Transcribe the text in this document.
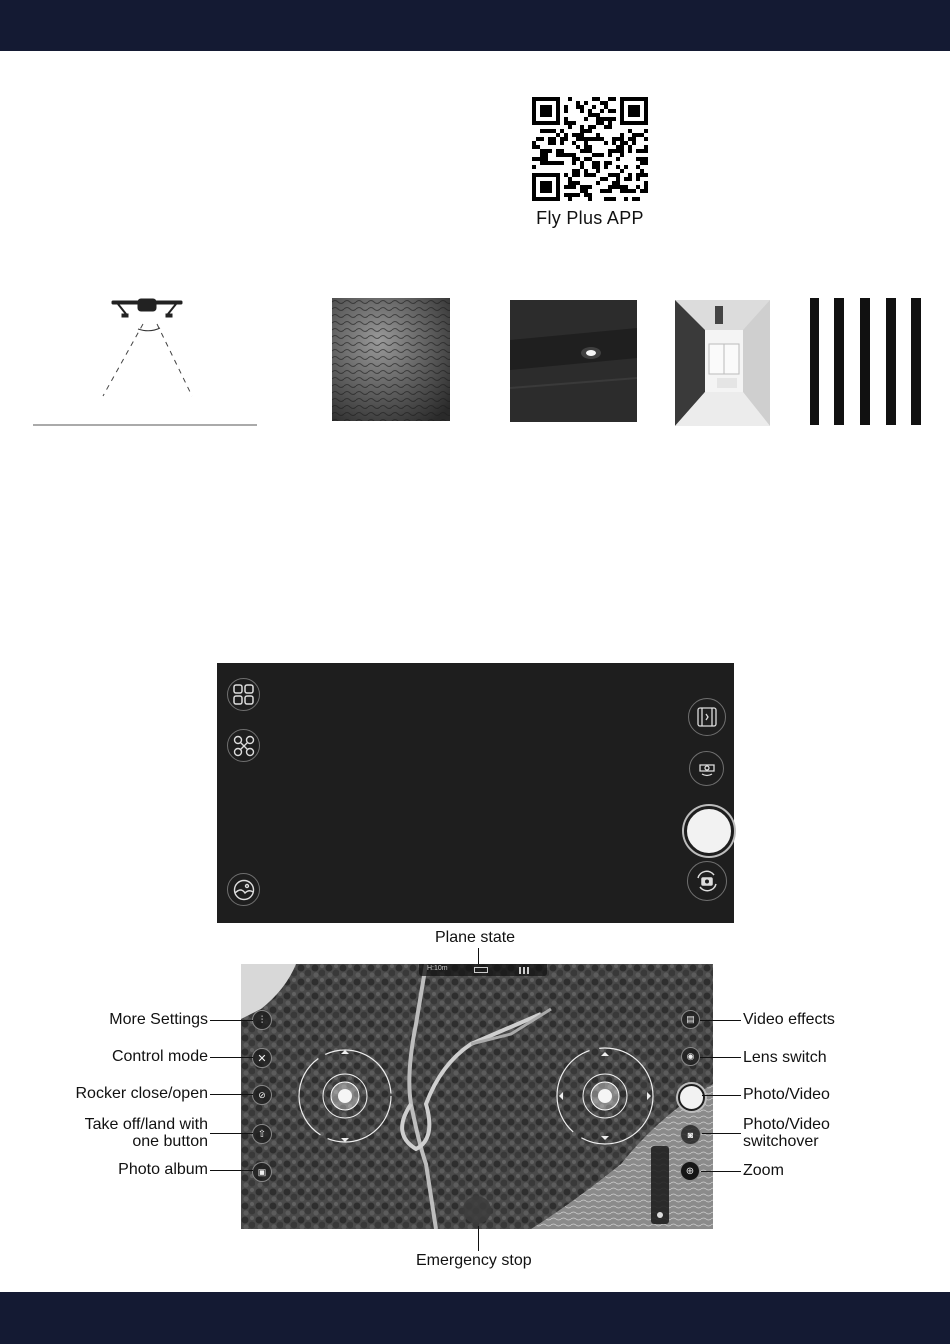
Fly Plus APP
Plane state
H:10m
⫶
✕
⊘
⇧
▣
▤
◉
◙
⊕
More Settings
Control mode
Rocker close/open
Take off/land with
one button
Photo album
Video effects
Lens switch
Photo/Video
Photo/Video
switchover
Zoom
Emergency stop
